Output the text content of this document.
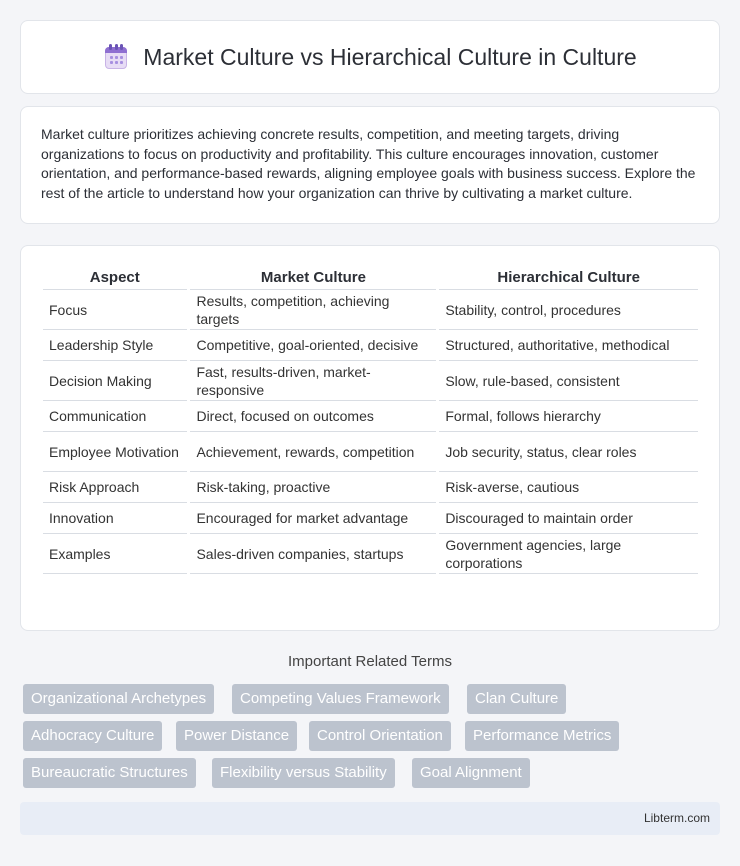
Market Culture vs Hierarchical Culture in Culture

Market culture prioritizes achieving concrete results, competition, and meeting targets, driving organizations to focus on productivity and profitability. This culture encourages innovation, customer orientation, and performance-based rewards, aligning employee goals with business success. Explore the rest of the article to understand how your organization can thrive by cultivating a market culture.

Aspect		Market Culture		Hierarchical Culture
Focus		Results, competition, achieving targets		Stability, control, procedures
Leadership Style		Competitive, goal-oriented, decisive		Structured, authoritative, methodical
Decision Making		Fast, results-driven, market-responsive		Slow, rule-based, consistent
Communication		Direct, focused on outcomes		Formal, follows hierarchy
Employee Motivation		Achievement, rewards, competition		Job security, status, clear roles
Risk Approach		Risk-taking, proactive		Risk-averse, cautious
Innovation		Encouraged for market advantage		Discouraged to maintain order
Examples		Sales-driven companies, startups		Government agencies, large corporations
Important Related Terms
Organizational Archetypes	Competing Values Framework	Clan Culture
Adhocracy Culture	Power Distance	Control Orientation	Performance Metrics
Bureaucratic Structures	Flexibility versus Stability	Goal Alignment
Libterm.com
